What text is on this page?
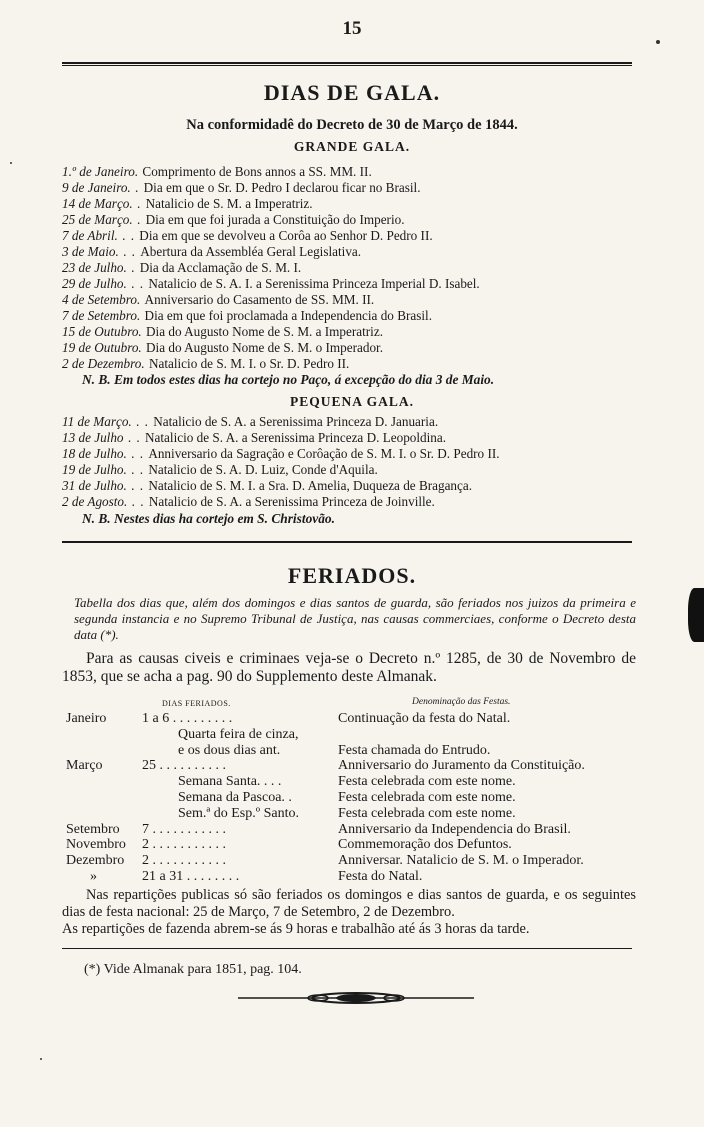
15
DIAS DE GALA.
Na conformidadê do Decreto de 30 de Março de 1844.
GRANDE GALA.
1.º de Janeiro. Comprimento de Bons annos a SS. MM. II.
9 de Janeiro. . Dia em que o Sr. D. Pedro I declarou ficar no Brasil.
14 de Março. . Natalicio de S. M. a Imperatriz.
25 de Março. . Dia em que foi jurada a Constituição do Imperio.
7 de Abril. . . Dia em que se devolveu a Corôa ao Senhor D. Pedro II.
3 de Maio. . . Abertura da Assembléa Geral Legislativa.
23 de Julho. . Dia da Acclamação de S. M. I.
29 de Julho. . . Natalicio de S. A. I. a Serenissima Princeza Imperial D. Isabel.
4 de Setembro. Anniversario do Casamento de SS. MM. II.
7 de Setembro. Dia em que foi proclamada a Independencia do Brasil.
15 de Outubro. Dia do Augusto Nome de S. M. a Imperatriz.
19 de Outubro. Dia do Augusto Nome de S. M. o Imperador.
2 de Dezembro. Natalicio de S. M. I. o Sr. D. Pedro II.
N. B. Em todos estes dias ha cortejo no Paço, á excepção do dia 3 de Maio.
PEQUENA GALA.
11 de Março. . . Natalicio de S. A. a Serenissima Princeza D. Januaria.
13 de Julho . . Natalicio de S. A. a Serenissima Princeza D. Leopoldina.
18 de Julho. . . Anniversario da Sagração e Corôação de S. M. I. o Sr. D. Pedro II.
19 de Julho. . . Natalicio de S. A. D. Luiz, Conde d'Aquila.
31 de Julho. . . Natalicio de S. M. I. a Sra. D. Amelia, Duqueza de Bragança.
2 de Agosto. . . Natalicio de S. A. a Serenissima Princeza de Joinville.
N. B. Nestes dias ha cortejo em S. Christovão.
FERIADOS.
Tabella dos dias que, além dos domingos e dias santos de guarda, são feriados nos juizos da primeira e segunda instancia e no Supremo Tribunal de Justiça, nas causas commerciaes, conforme o Decreto desta data (*).

Para as causas civeis e criminaes veja-se o Decreto n.º 1285, de 30 de Novembro de 1853, que se acha a pag. 90 do Supplemento deste Almanak.

DIAS FERIADOS.	Denominação das Festas.
Janeiro	1 a 6 . . . . . . . . .	Continuação da festa do Natal.
Quarta feira de cinza,
e os dous dias ant.	Festa chamada do Entrudo.
Março	25 . . . . . . . . . .	Anniversario do Juramento da Constituição.
Semana Santa. . . .	Festa celebrada com este nome.
Semana da Pascoa. .	Festa celebrada com este nome.
Sem.ª do Esp.º Santo.	Festa celebrada com este nome.
Setembro 7 . . . . . . . . . . .	Anniversario da Independencia do Brasil.
Novembro 2 . . . . . . . . . . .	Commemoração dos Defuntos.
Dezembro 2 . . . . . . . . . . .	Anniversar. Natalicio de S. M. o Imperador.
»	21 a 31 . . . . . . . .	Festa do Natal.

Nas repartições publicas só são feriados os domingos e dias santos de guarda, e os seguintes dias de festa nacional: 25 de Março, 7 de Setembro, 2 de Dezembro.

As repartições de fazenda abrem-se ás 9 horas e trabalhão até ás 3 horas da tarde.

(*) Vide Almanak para 1851, pag. 104.
